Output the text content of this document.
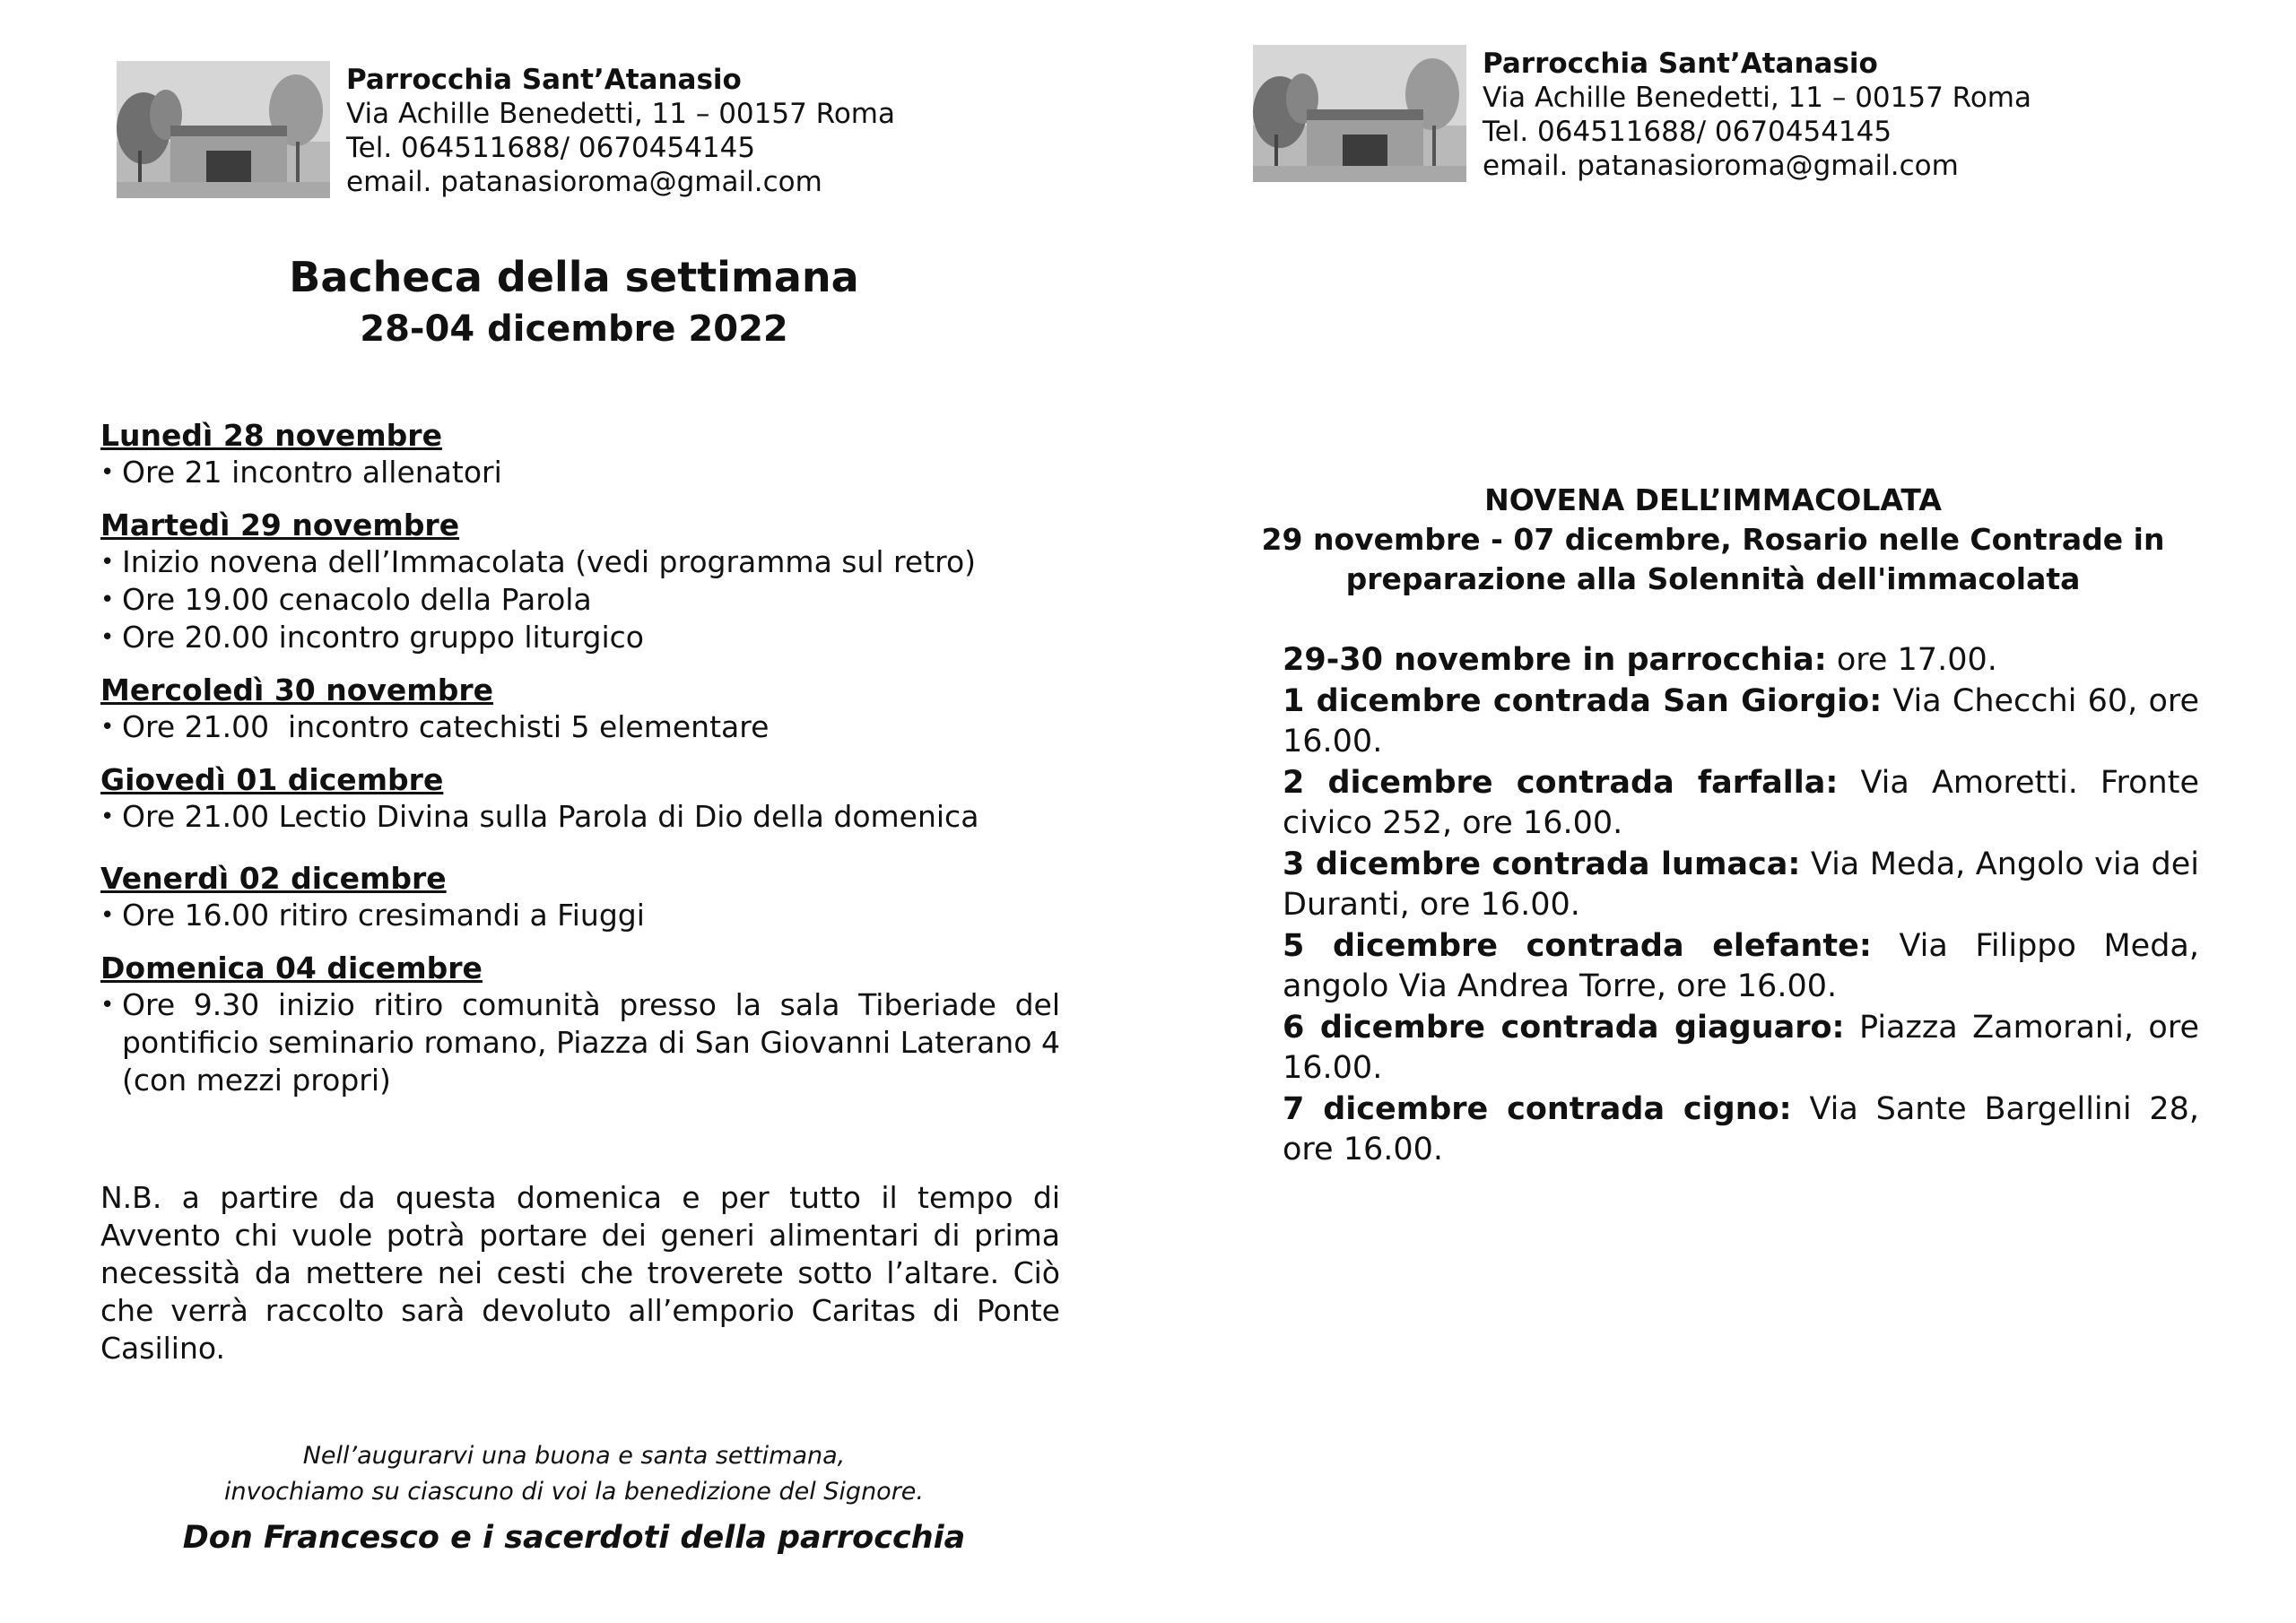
Parrocchia Sant’Atanasio
Via Achille Benedetti, 11 – 00157 Roma
Tel. 064511688/ 0670454145
email. patanasioroma@gmail.com
Bacheca della settimana
28-04 dicembre 2022
Lunedì 28 novembre
• Ore 21 incontro allenatori
Martedì 29 novembre
• Inizio novena dell’Immacolata (vedi programma sul retro)
• Ore 19.00 cenacolo della Parola
• Ore 20.00 incontro gruppo liturgico
Mercoledì 30 novembre
• Ore 21.00  incontro catechisti 5 elementare
Giovedì 01 dicembre
• Ore 21.00 Lectio Divina sulla Parola di Dio della domenica
Venerdì 02 dicembre
• Ore 16.00 ritiro cresimandi a Fiuggi
Domenica 04 dicembre
• Ore 9.30 inizio ritiro comunità presso la sala Tiberiade del pontificio seminario romano, Piazza di San Giovanni Laterano 4 (con mezzi propri)
N.B. a partire da questa domenica e per tutto il tempo di Avvento chi vuole potrà portare dei generi alimentari di prima necessità da mettere nei cesti che troverete sotto l’altare. Ciò che verrà raccolto sarà devoluto all’emporio Caritas di Ponte Casilino.
Nell’augurarvi una buona e santa settimana,
invochiamo su ciascuno di voi la benedizione del Signore.
Don Francesco e i sacerdoti della parrocchia
Parrocchia Sant’Atanasio
Via Achille Benedetti, 11 – 00157 Roma
Tel. 064511688/ 0670454145
email. patanasioroma@gmail.com
NOVENA DELL’IMMACOLATA
29 novembre - 07 dicembre, Rosario nelle Contrade in preparazione alla Solennità dell'immacolata

29-30 novembre in parrocchia: ore 17.00.

1 dicembre contrada San Giorgio: Via Checchi 60, ore 16.00.

2 dicembre contrada farfalla: Via Amoretti. Fronte civico 252, ore 16.00.

3 dicembre contrada lumaca: Via Meda, Angolo via dei Duranti, ore 16.00.

5 dicembre contrada elefante: Via Filippo Meda, angolo Via Andrea Torre, ore 16.00.

6 dicembre contrada giaguaro: Piazza Zamorani, ore 16.00.

7 dicembre contrada cigno: Via Sante Bargellini 28, ore 16.00.
